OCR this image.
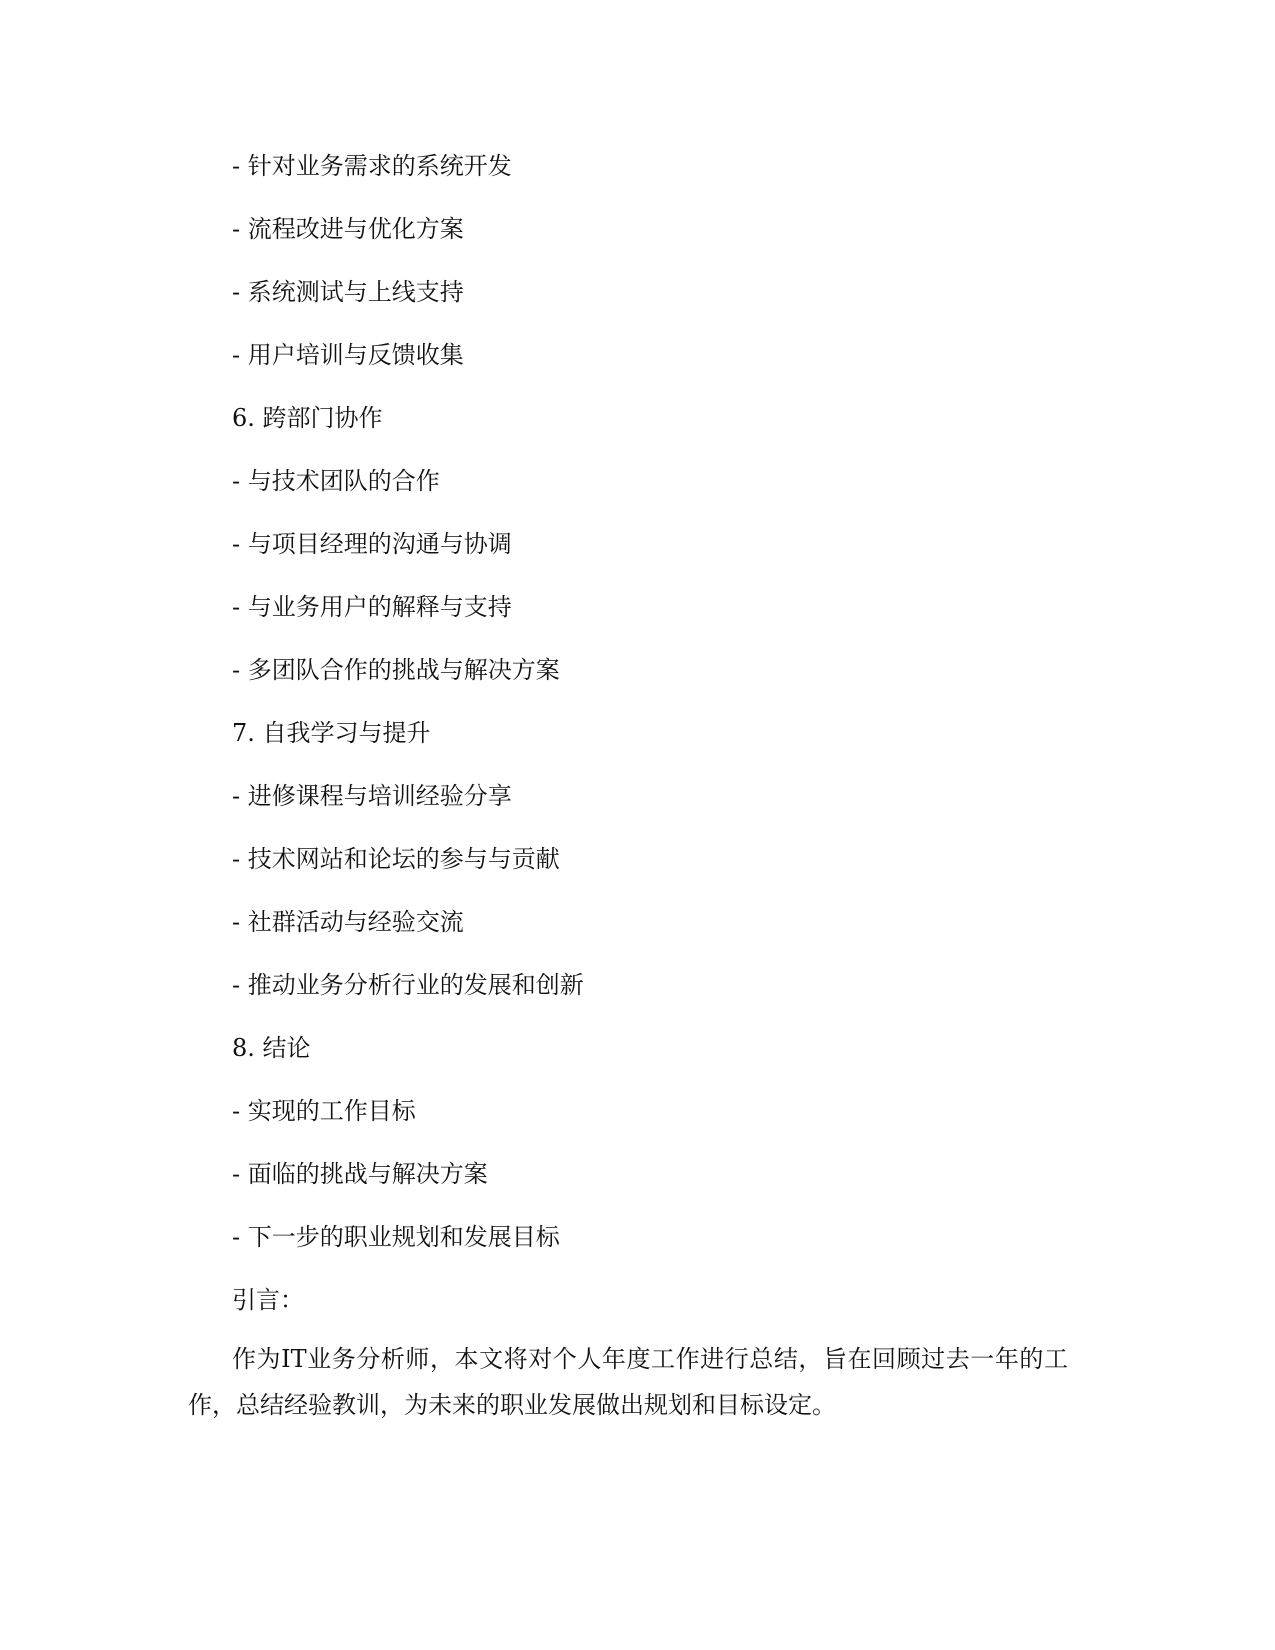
- 针对业务需求的系统开发
- 流程改进与优化方案
- 系统测试与上线支持
- 用户培训与反馈收集
6. 跨部门协作
- 与技术团队的合作
- 与项目经理的沟通与协调
- 与业务用户的解释与支持
- 多团队合作的挑战与解决方案
7. 自我学习与提升
- 进修课程与培训经验分享
- 技术网站和论坛的参与与贡献
- 社群活动与经验交流
- 推动业务分析行业的发展和创新
8. 结论
- 实现的工作目标
- 面临的挑战与解决方案
- 下一步的职业规划和发展目标
引言：
作为IT业务分析师，本文将对个人年度工作进行总结，旨在回顾过去一年的工作，总结经验教训，为未来的职业发展做出规划和目标设定。
